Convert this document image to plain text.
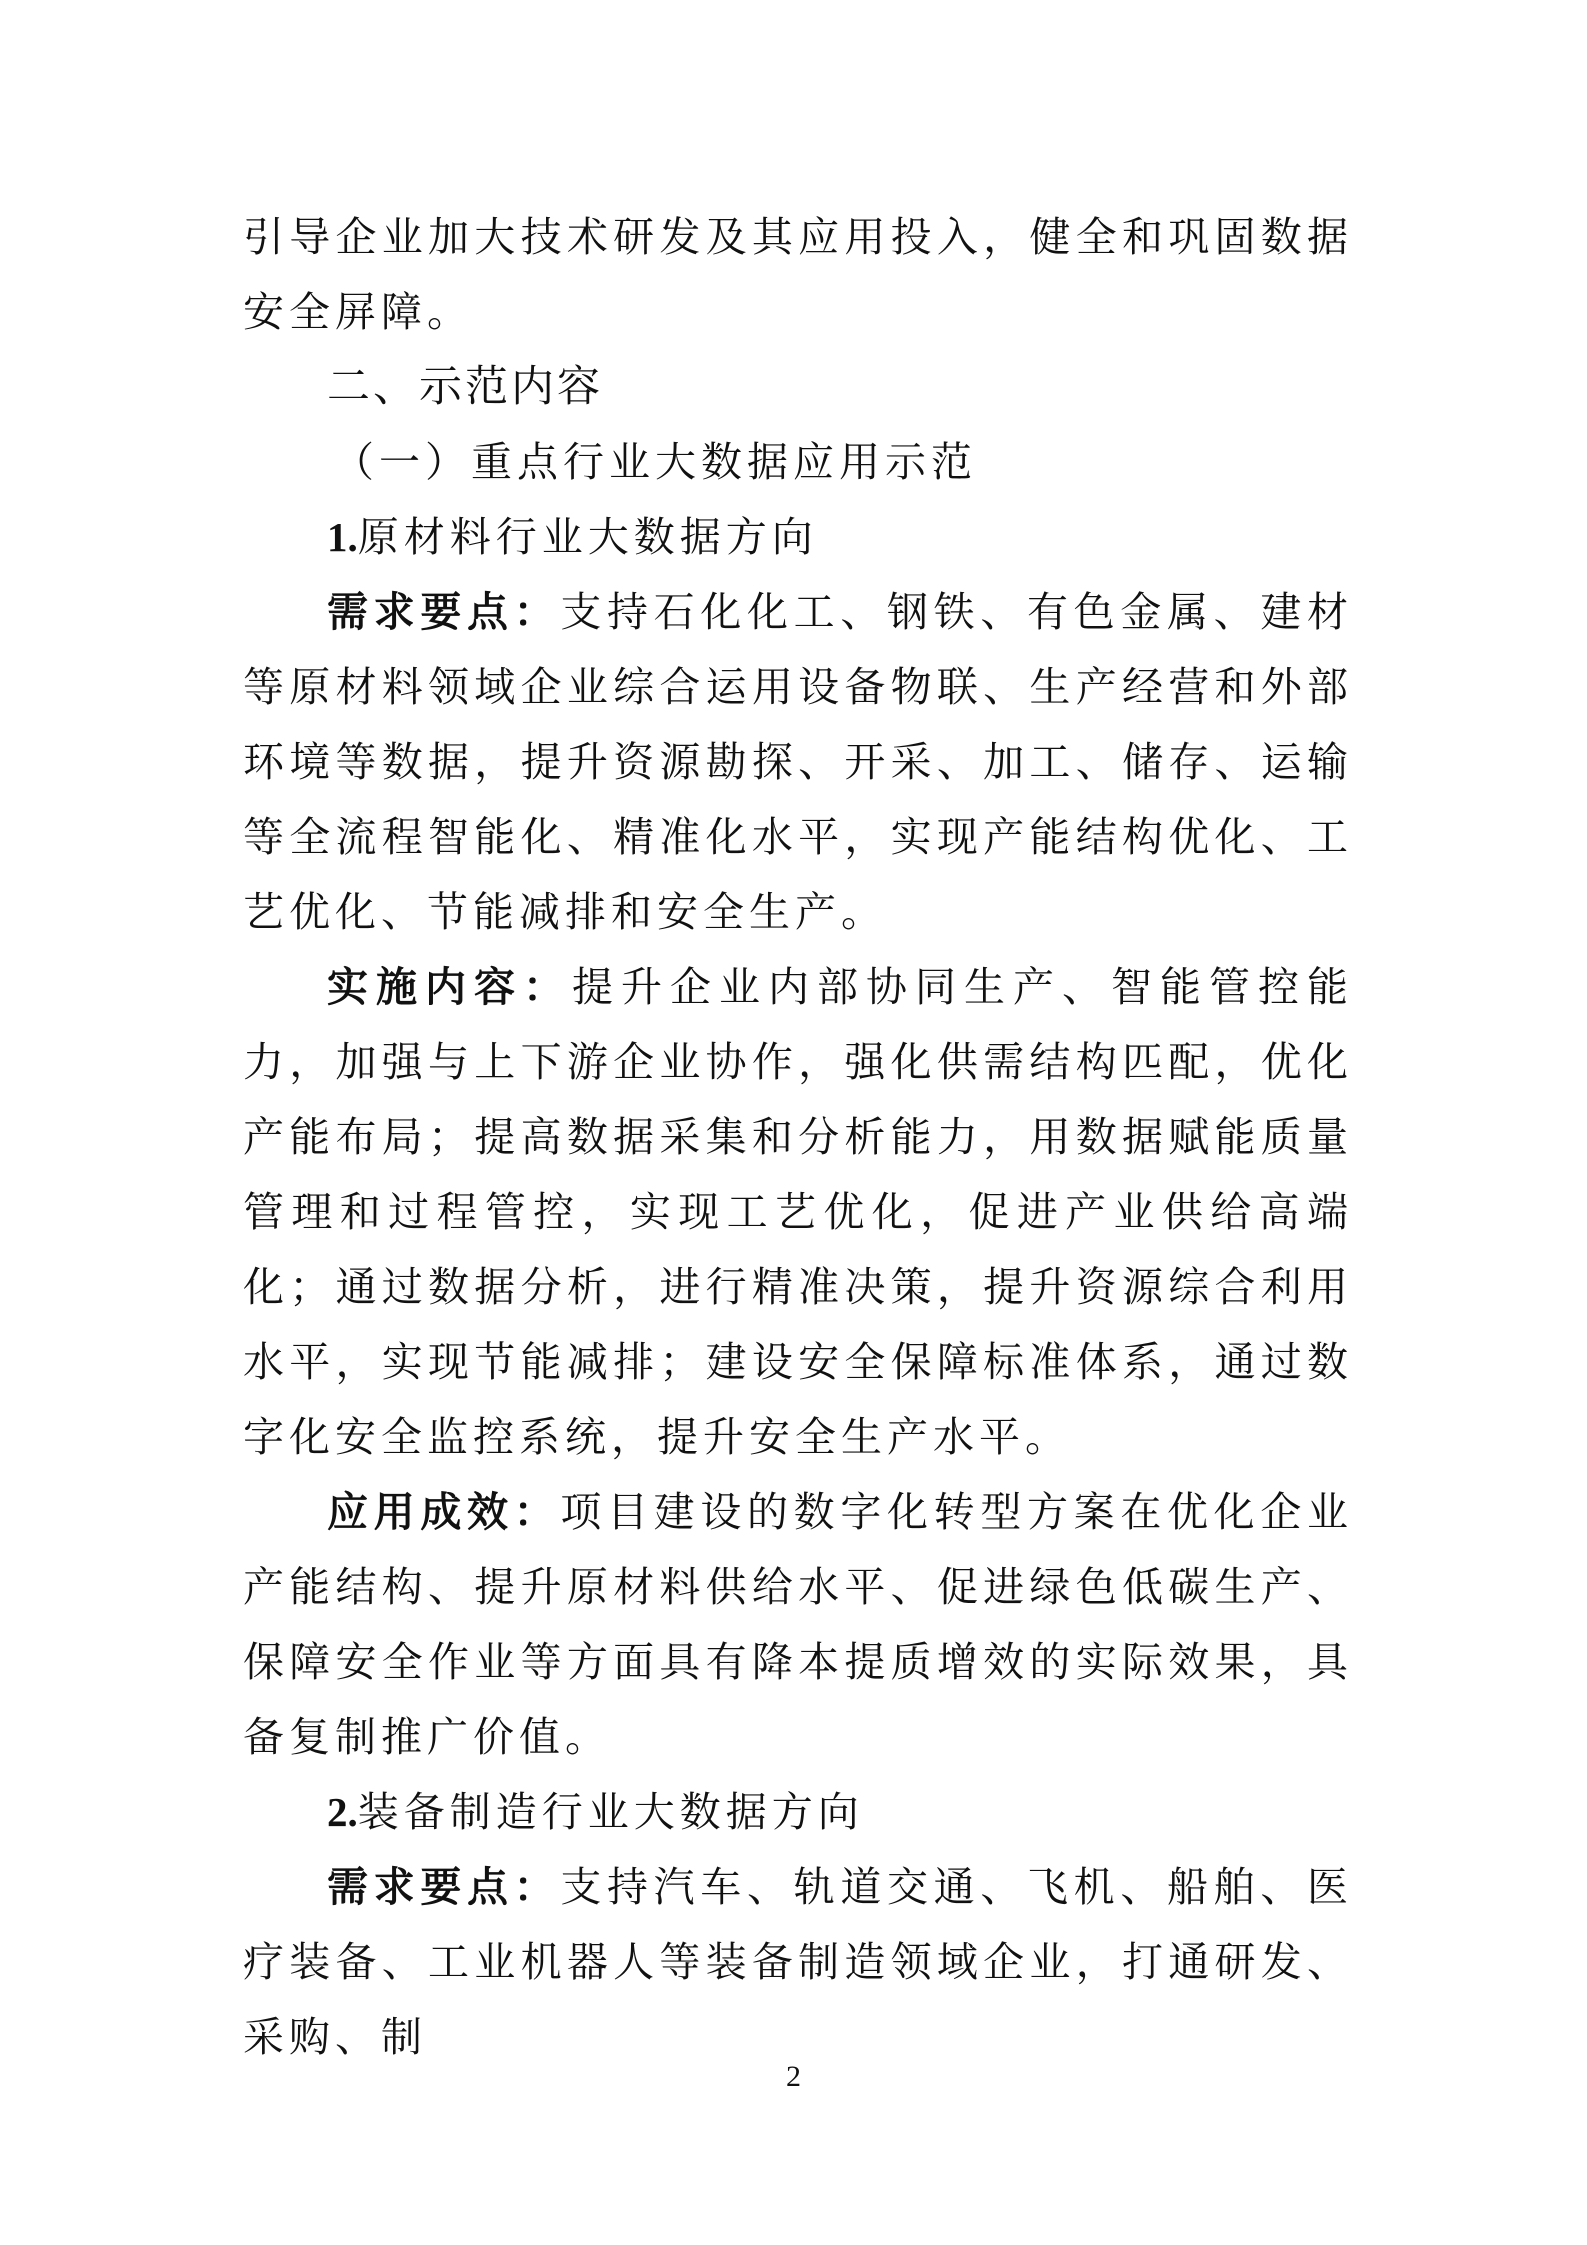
引导企业加大技术研发及其应用投入，健全和巩固数据安全屏障。

二、示范内容

（一）重点行业大数据应用示范

1.原材料行业大数据方向

需求要点：支持石化化工、钢铁、有色金属、建材等原材料领域企业综合运用设备物联、生产经营和外部环境等数据，提升资源勘探、开采、加工、储存、运输等全流程智能化、精准化水平，实现产能结构优化、工艺优化、节能减排和安全生产。

实施内容：提升企业内部协同生产、智能管控能力，加强与上下游企业协作，强化供需结构匹配，优化产能布局；提高数据采集和分析能力，用数据赋能质量管理和过程管控，实现工艺优化，促进产业供给高端化；通过数据分析，进行精准决策，提升资源综合利用水平，实现节能减排；建设安全保障标准体系，通过数字化安全监控系统，提升安全生产水平。

应用成效：项目建设的数字化转型方案在优化企业产能结构、提升原材料供给水平、促进绿色低碳生产、保障安全作业等方面具有降本提质增效的实际效果，具备复制推广价值。

2.装备制造行业大数据方向

需求要点：支持汽车、轨道交通、飞机、船舶、医疗装备、工业机器人等装备制造领域企业，打通研发、采购、制

2
